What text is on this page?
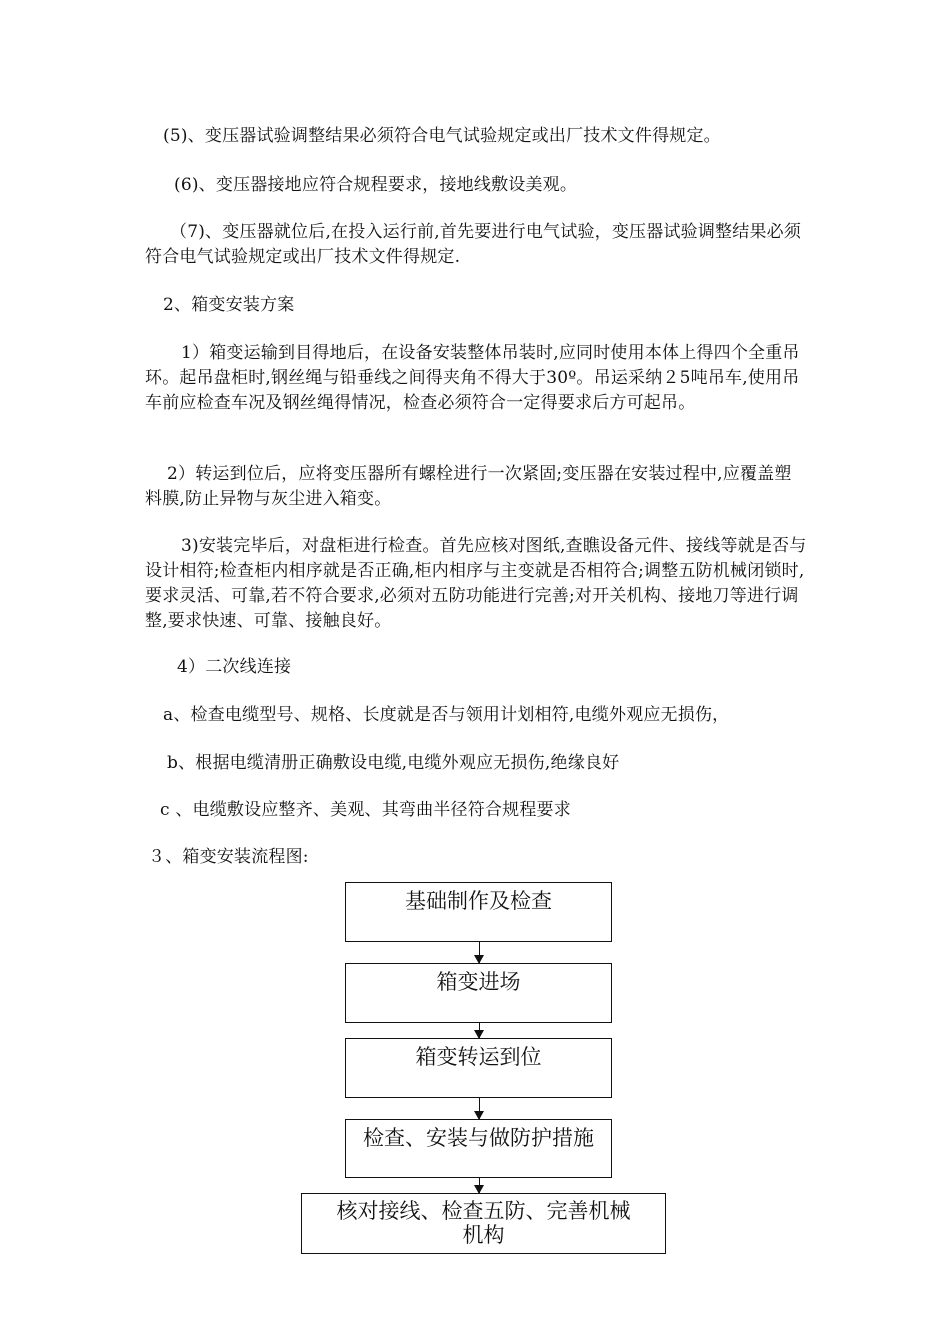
(5)、变压器试验调整结果必须符合电气试验规定或出厂技术文件得规定。

(6)、变压器接地应符合规程要求，接地线敷设美观。

（7)、变压器就位后,在投入运行前,首先要进行电气试验，变压器试验调整结果必须符合电气试验规定或出厂技术文件得规定.

2、箱变安装方案

1）箱变运输到目得地后，在设备安装整体吊装时,应同时使用本体上得四个全重吊环。起吊盘柜时,钢丝绳与铅垂线之间得夹角不得大于30º。吊运采纳２5吨吊车,使用吊车前应检查车况及钢丝绳得情况，检查必须符合一定得要求后方可起吊。

2）转运到位后，应将变压器所有螺栓进行一次紧固;变压器在安装过程中,应覆盖塑料膜,防止异物与灰尘进入箱变。

3)安装完毕后，对盘柜进行检查。首先应核对图纸,查瞧设备元件、接线等就是否与设计相符;检查柜内相序就是否正确,柜内相序与主变就是否相符合;调整五防机械闭锁时,要求灵活、可靠,若不符合要求,必须对五防功能进行完善;对开关机构、接地刀等进行调整,要求快速、可靠、接触良好。

4）二次线连接

a、检查电缆型号、规格、长度就是否与领用计划相符,电缆外观应无损伤，

b、根据电缆清册正确敷设电缆,电缆外观应无损伤,绝缘良好

c 、电缆敷设应整齐、美观、其弯曲半径符合规程要求

３、箱变安装流程图:

基础制作及检查
箱变进场
箱变转运到位
检查、安装与做防护措施
核对接线、检查五防、完善机械机构
